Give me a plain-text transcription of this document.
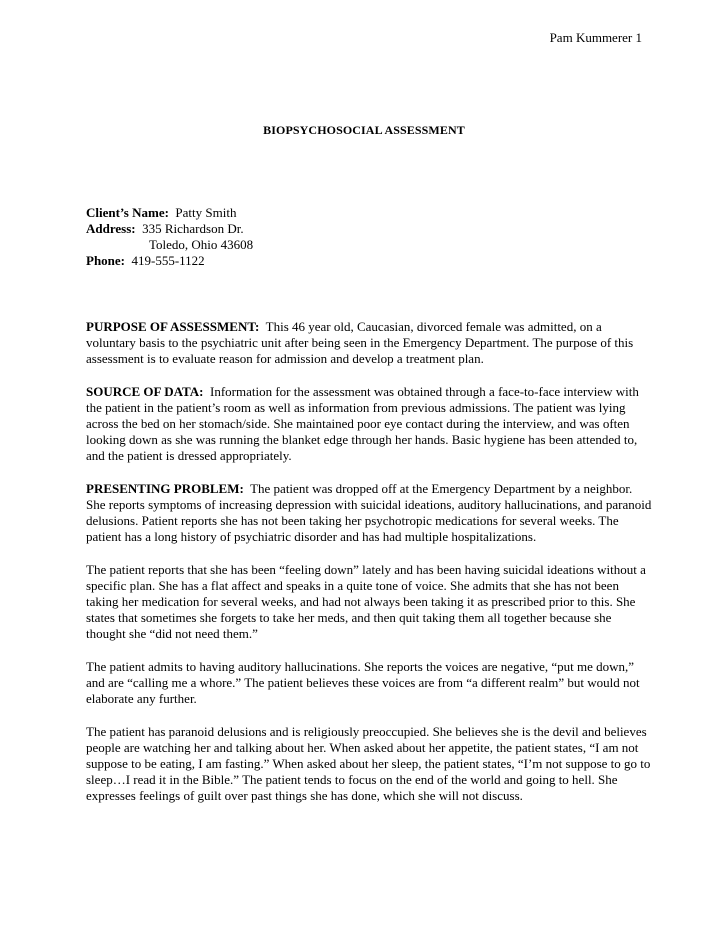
Pam Kummerer 1
BIOPSYCHOSOCIAL ASSESSMENT
Client’s Name: Patty Smith
Address: 335 Richardson Dr.
Toledo, Ohio 43608
Phone: 419-555-1122

PURPOSE OF ASSESSMENT: This 46 year old, Caucasian, divorced female was admitted, on a voluntary basis to the psychiatric unit after being seen in the Emergency Department. The purpose of this assessment is to evaluate reason for admission and develop a treatment plan.

SOURCE OF DATA: Information for the assessment was obtained through a face-to-face interview with the patient in the patient’s room as well as information from previous admissions. The patient was lying across the bed on her stomach/side. She maintained poor eye contact during the interview, and was often looking down as she was running the blanket edge through her hands. Basic hygiene has been attended to, and the patient is dressed appropriately.

PRESENTING PROBLEM: The patient was dropped off at the Emergency Department by a neighbor. She reports symptoms of increasing depression with suicidal ideations, auditory hallucinations, and paranoid delusions. Patient reports she has not been taking her psychotropic medications for several weeks. The patient has a long history of psychiatric disorder and has had multiple hospitalizations.

The patient reports that she has been “feeling down” lately and has been having suicidal ideations without a specific plan. She has a flat affect and speaks in a quite tone of voice. She admits that she has not been taking her medication for several weeks, and had not always been taking it as prescribed prior to this. She states that sometimes she forgets to take her meds, and then quit taking them all together because she thought she “did not need them.”

The patient admits to having auditory hallucinations. She reports the voices are negative, “put me down,” and are “calling me a whore.” The patient believes these voices are from “a different realm” but would not elaborate any further.

The patient has paranoid delusions and is religiously preoccupied. She believes she is the devil and believes people are watching her and talking about her. When asked about her appetite, the patient states, “I am not suppose to be eating, I am fasting.” When asked about her sleep, the patient states, “I’m not suppose to go to sleep…I read it in the Bible.” The patient tends to focus on the end of the world and going to hell. She expresses feelings of guilt over past things she has done, which she will not discuss.
